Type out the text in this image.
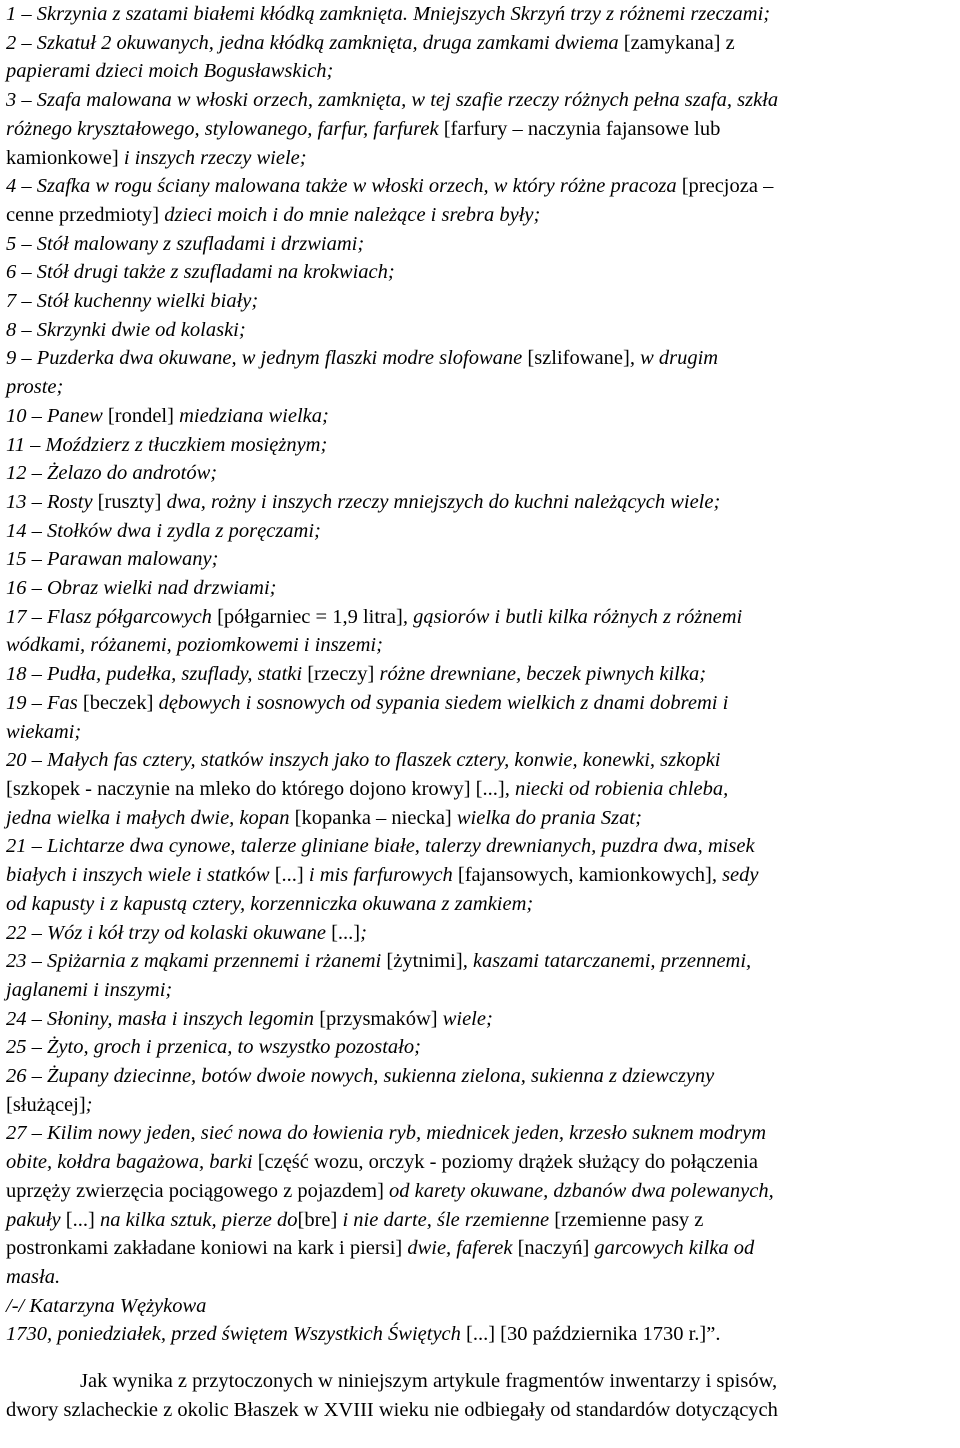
1 – Skrzynia z szatami białemi kłódką zamknięta. Mniejszych Skrzyń trzy z różnemi rzeczami;
2 – Szkatuł 2 okuwanych, jedna kłódką zamknięta, druga zamkami dwiema [zamykana] z
papierami dzieci moich Bogusławskich;
3 – Szafa malowana w włoski orzech, zamknięta, w tej szafie rzeczy różnych pełna szafa, szkła
różnego kryształowego, stylowanego, farfur, farfurek [farfury – naczynia fajansowe lub
kamionkowe] i inszych rzeczy wiele;
4 – Szafka w rogu ściany malowana także w włoski orzech, w który różne pracoza [precjoza –
cenne przedmioty] dzieci moich i do mnie należące i srebra były;
5 – Stół malowany z szufladami i drzwiami;
6 – Stół drugi także z szufladami na krokwiach;
7 – Stół kuchenny wielki biały;
8 – Skrzynki dwie od kolaski;
9 – Puzderka dwa okuwane, w jednym flaszki modre slofowane [szlifowane], w drugim
proste;
10 – Panew [rondel] miedziana wielka;
11 – Moździerz z tłuczkiem mosiężnym;
12 – Żelazo do androtów;
13 – Rosty [ruszty] dwa, rożny i inszych rzeczy mniejszych do kuchni należących wiele;
14 – Stołków dwa i zydla z poręczami;
15 – Parawan malowany;
16 – Obraz wielki nad drzwiami;
17 – Flasz półgarcowych [półgarniec = 1,9 litra], gąsiorów i butli kilka różnych z różnemi
wódkami, różanemi, poziomkowemi i inszemi;
18 – Pudła, pudełka, szuflady, statki [rzeczy] różne drewniane, beczek piwnych kilka;
19 – Fas [beczek] dębowych i sosnowych od sypania siedem wielkich z dnami dobremi i
wiekami;
20 – Małych fas cztery, statków inszych jako to flaszek cztery, konwie, konewki, szkopki
[szkopek - naczynie na mleko do którego dojono krowy] [...], niecki od robienia chleba,
jedna wielka i małych dwie, kopan [kopanka – niecka] wielka do prania Szat;
21 – Lichtarze dwa cynowe, talerze gliniane białe, talerzy drewnianych, puzdra dwa, misek
białych i inszych wiele i statków [...] i mis farfurowych [fajansowych, kamionkowych], sedy
od kapusty i z kapustą cztery, korzenniczka okuwana z zamkiem;
22 – Wóz i kół trzy od kolaski okuwane [...];
23 – Spiżarnia z mąkami przennemi i rżanemi [żytnimi], kaszami tatarczanemi, przennemi,
jaglanemi i inszymi;
24 – Słoniny, masła i inszych legomin [przysmaków] wiele;
25 – Żyto, groch i przenica, to wszystko pozostało;
26 – Żupany dziecinne, botów dwoie nowych, sukienna zielona, sukienna z dziewczyny
[służącej];
27 – Kilim nowy jeden, sieć nowa do łowienia ryb, miednicek jeden, krzesło suknem modrym
obite, kołdra bagażowa, barki [część wozu, orczyk - poziomy drążek służący do połączenia
uprzęży zwierzęcia pociągowego z pojazdem] od karety okuwane, dzbanów dwa polewanych,
pakuły [...] na kilka sztuk, pierze do[bre] i nie darte, śle rzemienne [rzemienne pasy z
postronkami zakładane koniowi na kark i piersi] dwie, faferek [naczyń] garcowych kilka od
masła.
/-/ Katarzyna Wężykowa
1730, poniedziałek, przed świętem Wszystkich Świętych [...] [30 października 1730 r.]”.
Jak wynika z przytoczonych w niniejszym artykule fragmentów inwentarzy i spisów,
dwory szlacheckie z okolic Błaszek w XVIII wieku nie odbiegały od standardów dotyczących
